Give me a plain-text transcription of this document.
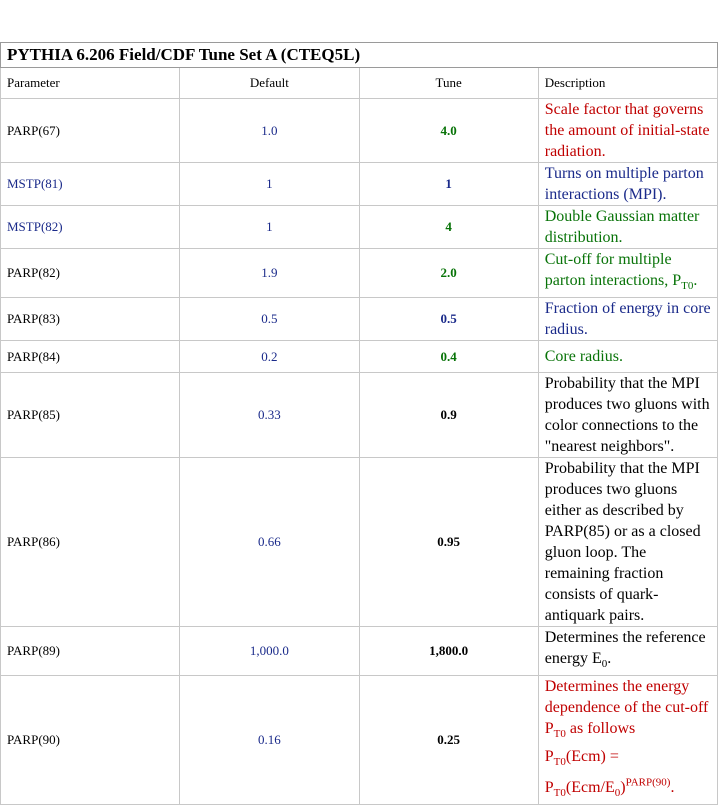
PYTHIA 6.206 Field/CDF Tune Set A (CTEQ5L)			
Parameter	Default	Tune	Description
PARP(67)	1.0	4.0	Scale factor that governs the amount of initial-state radiation.
MSTP(81)	1	1	Turns on multiple parton interactions (MPI).
MSTP(82)	1	4	Double Gaussian matter distribution.
PARP(82)	1.9	2.0	Cut-off for multiple parton interactions, $P_{T0}$.
PARP(83)	0.5	0.5	Fraction of energy in core radius.
PARP(84)	0.2	0.4	Core radius.
PARP(85)	0.33	0.9	Probability that the MPI produces two gluons with color connections to the "nearest neighbors".
PARP(86)	0.66	0.95	Probability that the MPI produces two gluons either as described by PARP(85) or as a closed gluon loop. The remaining fraction consists of quark-antiquark pairs.
PARP(89)	1,000.0	1,800.0	Determines the reference energy $E_0$.
PARP(90)	0.16	0.25	Determines the energy dependence of the cut-off $P_{T0}$ as follows
$P_{T0}(Ecm) = P_{T0}(Ecm/E_0)^{PARP(90)}$.
